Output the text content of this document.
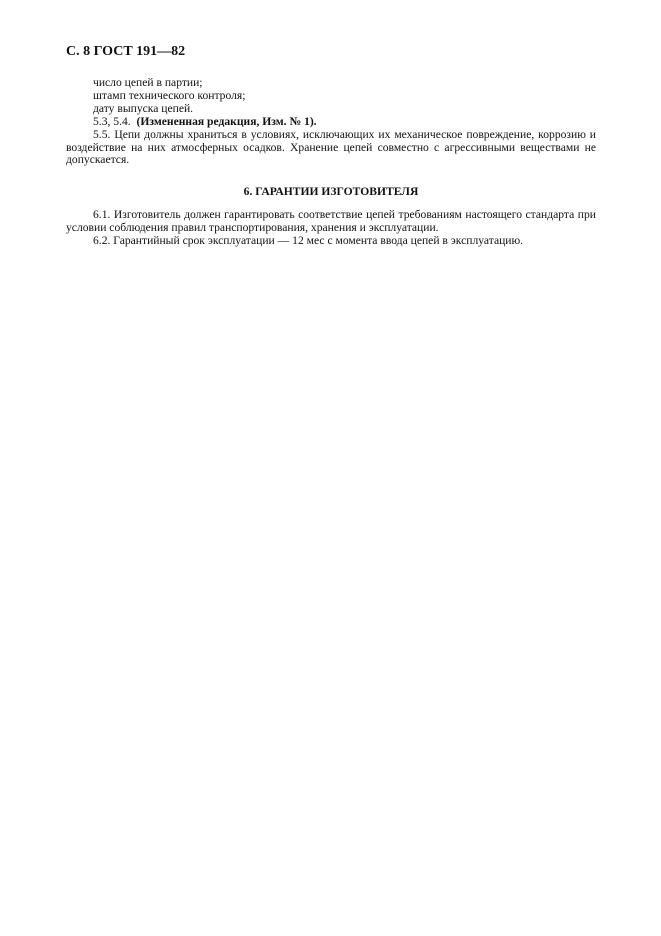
С. 8 ГОСТ 191—82

число цепей в партии;

штамп технического контроля;

дату выпуска цепей.

5.3, 5.4. (Измененная редакция, Изм. № 1).

5.5. Цепи должны храниться в условиях, исключающих их механическое повреждение, коррозию и воздействие на них атмосферных осадков. Хранение цепей совместно с агрессивными веществами не допускается.

6. ГАРАНТИИ ИЗГОТОВИТЕЛЯ

6.1. Изготовитель должен гарантировать соответствие цепей требованиям настоящего стандарта при условии соблюдения правил транспортирования, хранения и эксплуатации.

6.2. Гарантийный срок эксплуатации — 12 мес с момента ввода цепей в эксплуатацию.
